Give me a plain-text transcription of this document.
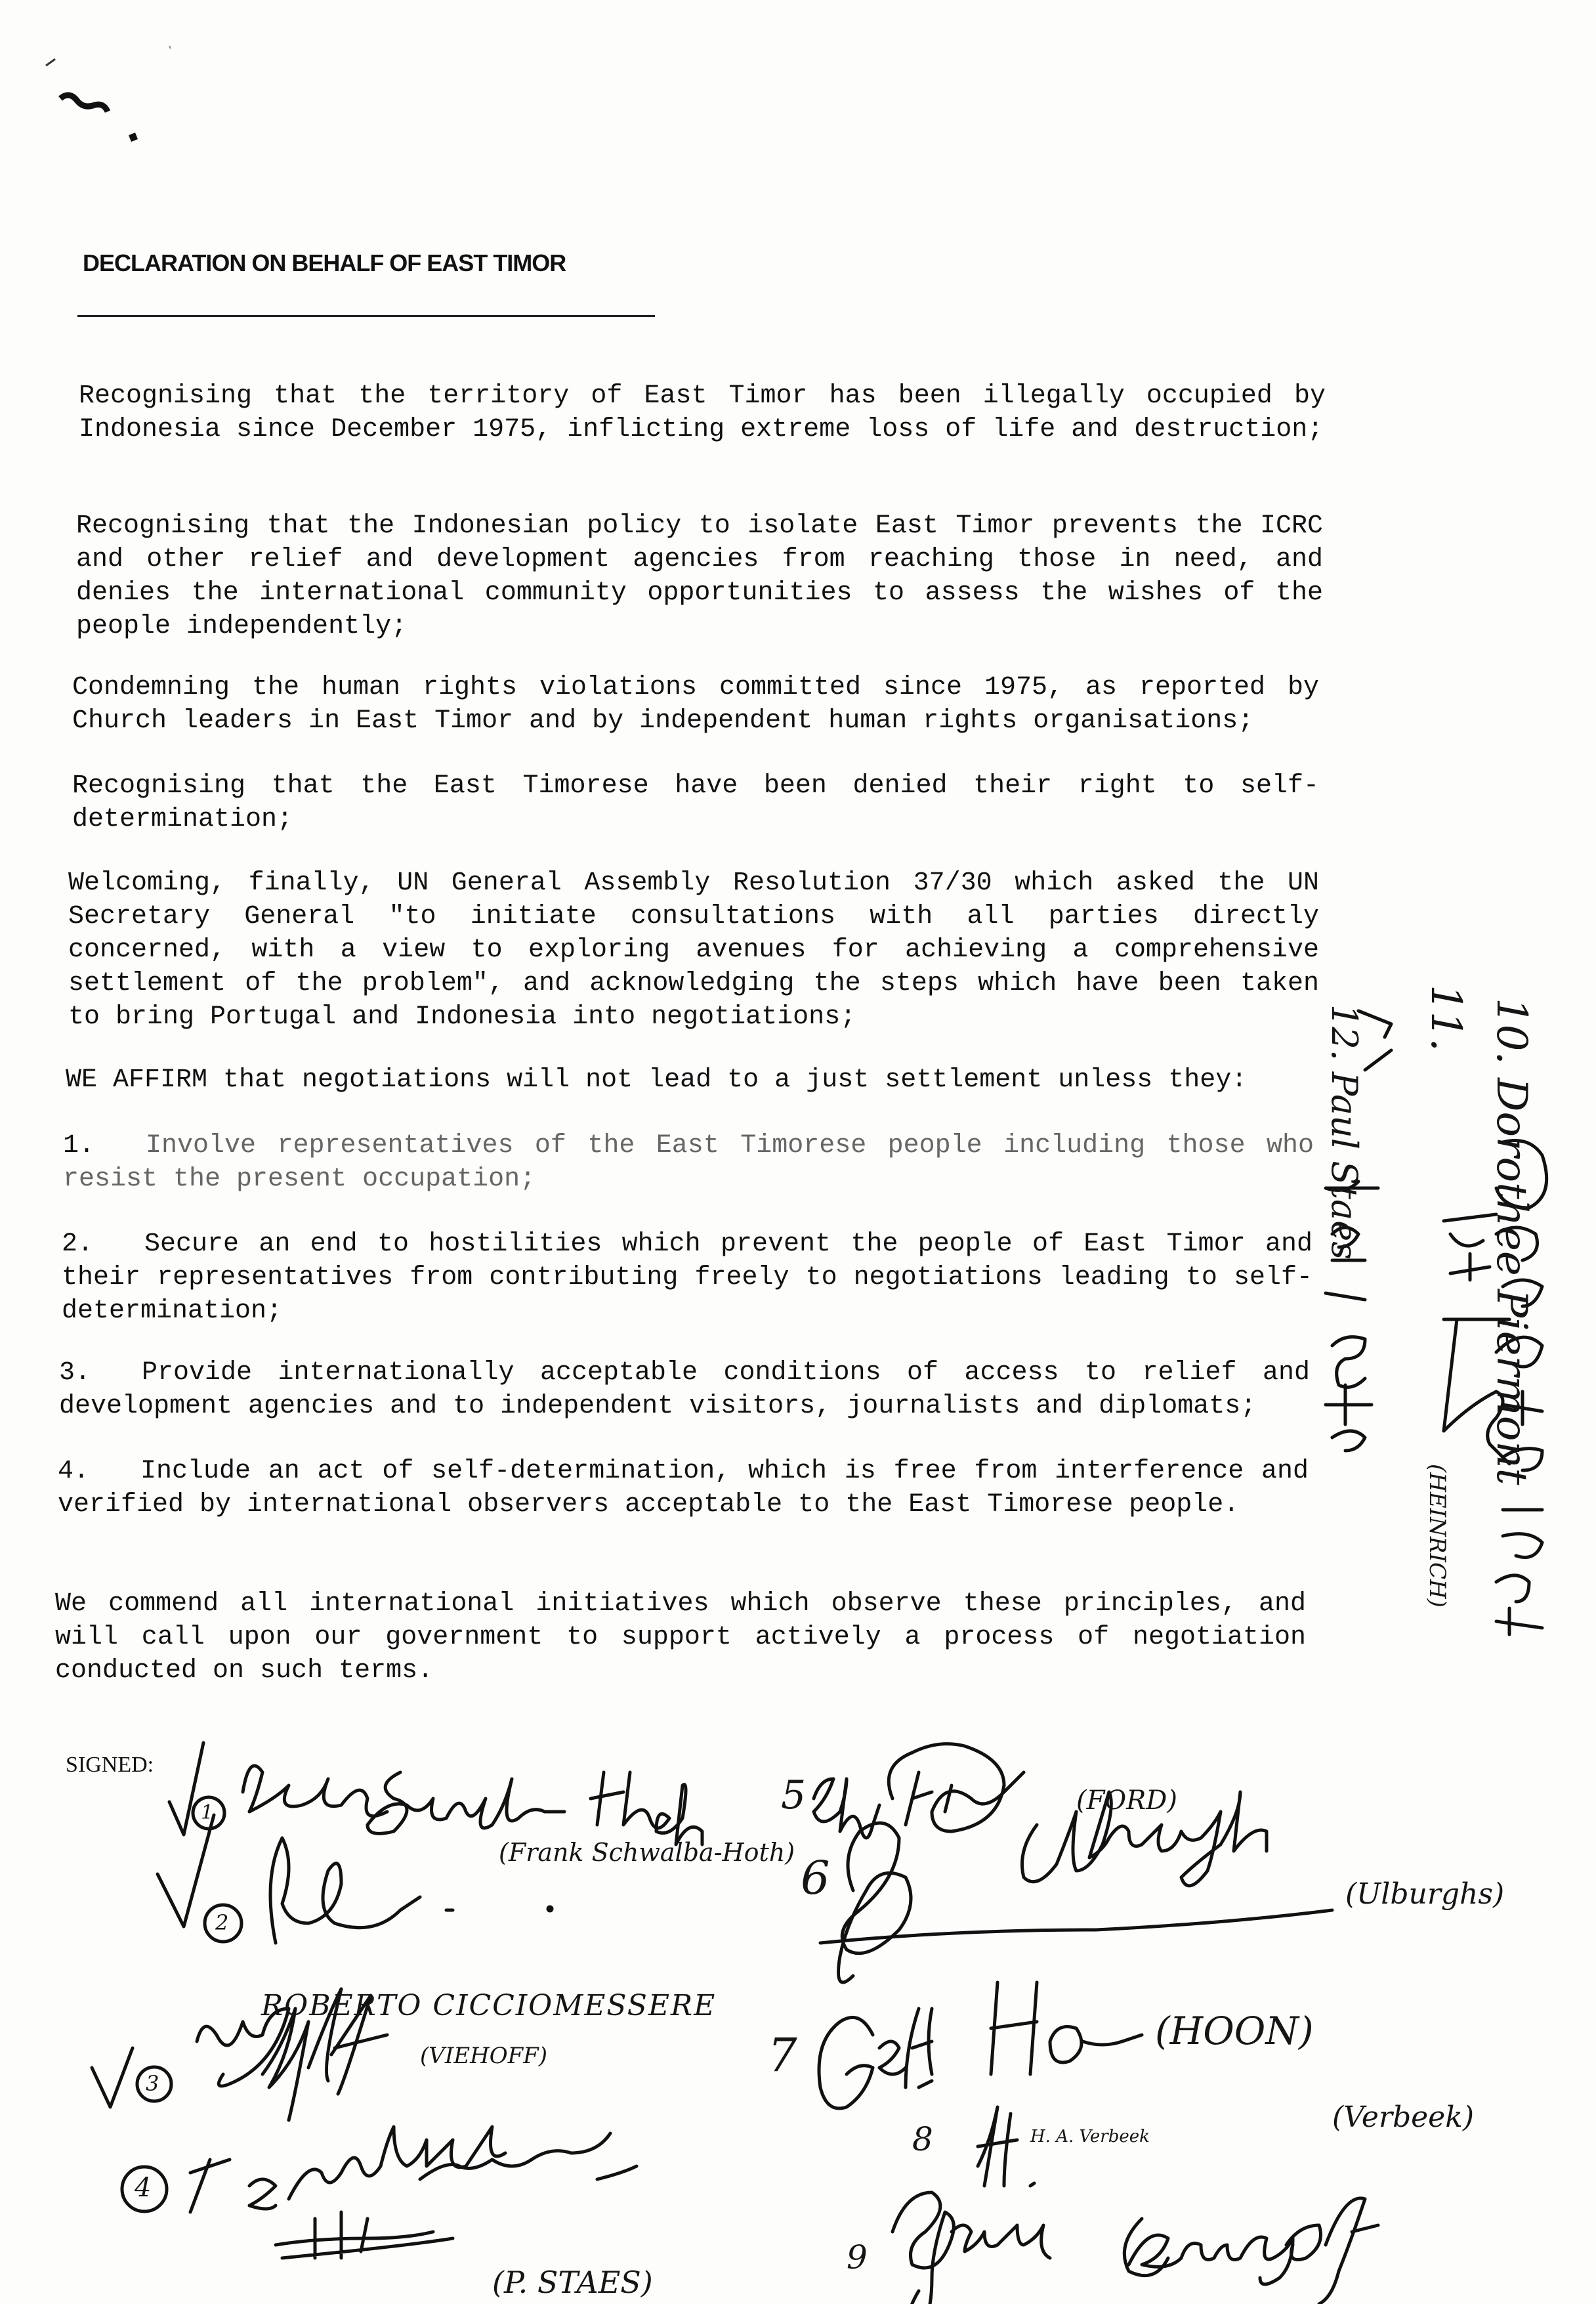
DECLARATION ON BEHALF OF EAST TIMOR

Recognising that the territory of East Timor has been illegally occupied by Indonesia since December 1975, inflicting extreme loss of life and destruction;

Recognising that the Indonesian policy to isolate East Timor prevents the ICRC and other relief and development agencies from reaching those in need, and denies the international community opportunities to assess the wishes of the people independently;

Condemning the human rights violations committed since 1975, as reported by Church leaders in East Timor and by independent human rights organisations;

Recognising that the East Timorese have been denied their right to self-determination;

Welcoming, finally, UN General Assembly Resolution 37/30 which asked the UN Secretary General "to initiate consultations with all parties directly concerned, with a view to exploring avenues for achieving a comprehensive settlement of the problem", and acknowledging the steps which have been taken to bring Portugal and Indonesia into negotiations;

WE AFFIRM that negotiations will not lead to a just settlement unless they:

1. Involve representatives of the East Timorese people including those who resist the present occupation;

2. Secure an end to hostilities which prevent the people of East Timor and their representatives from contributing freely to negotiations leading to self-determination;

3. Provide internationally acceptable conditions of access to relief and development agencies and to independent visitors, journalists and diplomats;

4. Include an act of self-determination, which is free from interference and verified by international observers acceptable to the East Timorese people.

We commend all international initiatives which observe these principles, and will call upon our government to support actively a process of negotiation conducted on such terms.

SIGNED:
(Frank Schwalba-Hoth)
ROBERTO CICCIOMESSERE
(VIEHOFF)
(P. STAES)
(FORD)
(Ulburghs)
(HOON)
(Verbeek)
H. A. Verbeek
1
2
3
4
5
6
7
8
9
10. Dorothee Piermont
11.
(HEINRICH)
12. Paul Staes
